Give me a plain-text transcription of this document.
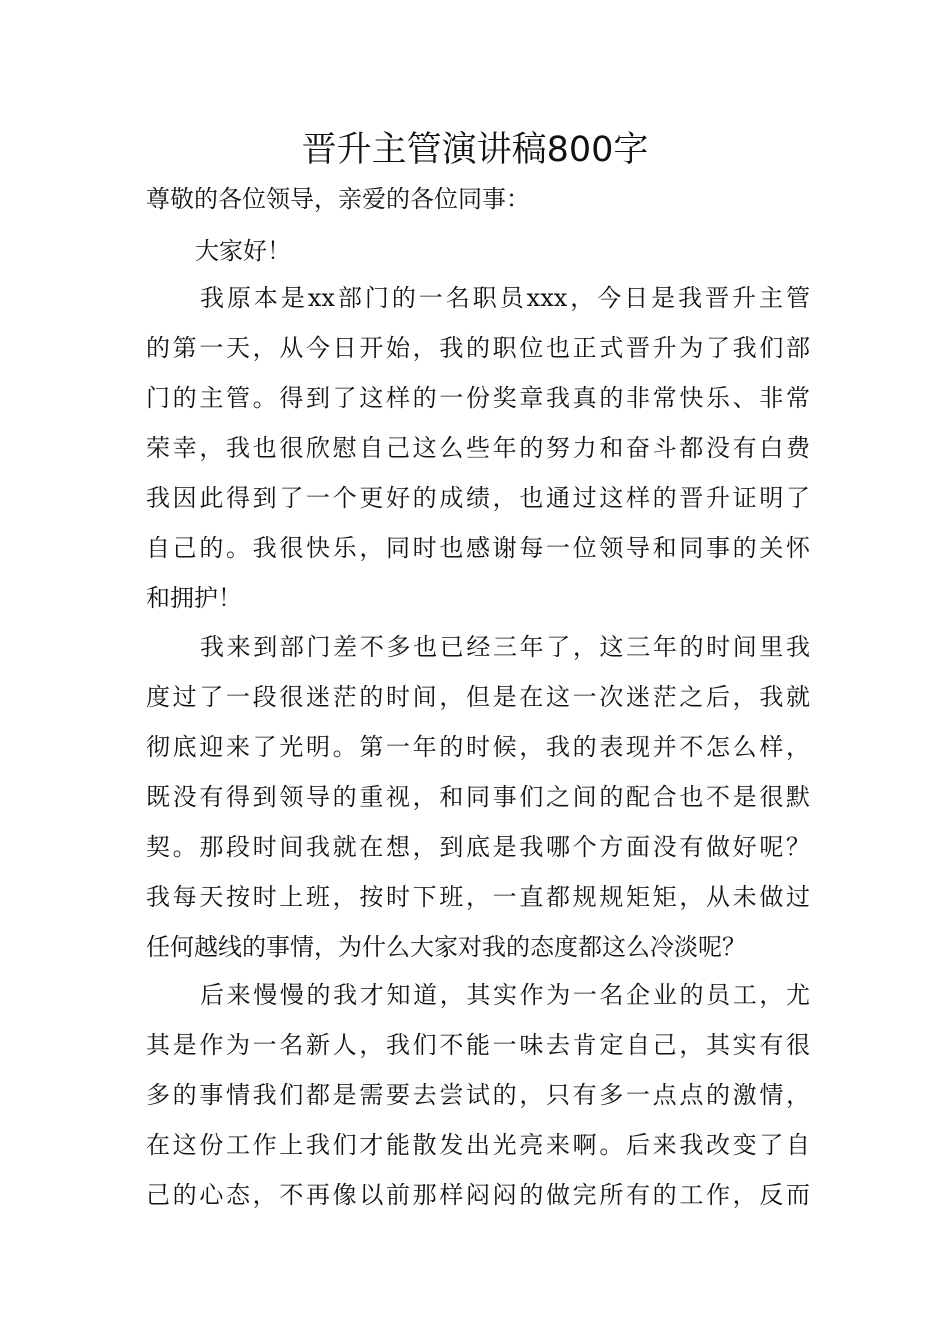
晋升主管演讲稿800字

尊敬的各位领导，亲爱的各位同事：

大家好！

我原本是xx部门的一名职员xxx，今日是我晋升主管
的第一天，从今日开始，我的职位也正式晋升为了我们部
门的主管。得到了这样的一份奖章我真的非常快乐、非常
荣幸，我也很欣慰自己这么些年的努力和奋斗都没有白费
我因此得到了一个更好的成绩，也通过这样的晋升证明了
自己的。我很快乐，同时也感谢每一位领导和同事的关怀
和拥护！
我来到部门差不多也已经三年了，这三年的时间里我
度过了一段很迷茫的时间，但是在这一次迷茫之后，我就
彻底迎来了光明。第一年的时候，我的表现并不怎么样，
既没有得到领导的重视，和同事们之间的配合也不是很默
契。那段时间我就在想，到底是我哪个方面没有做好呢？
我每天按时上班，按时下班，一直都规规矩矩，从未做过
任何越线的事情，为什么大家对我的态度都这么冷淡呢？
后来慢慢的我才知道，其实作为一名企业的员工，尤
其是作为一名新人，我们不能一味去肯定自己，其实有很
多的事情我们都是需要去尝试的，只有多一点点的激情，
在这份工作上我们才能散发出光亮来啊。后来我改变了自
己的心态，不再像以前那样闷闷的做完所有的工作，反而
